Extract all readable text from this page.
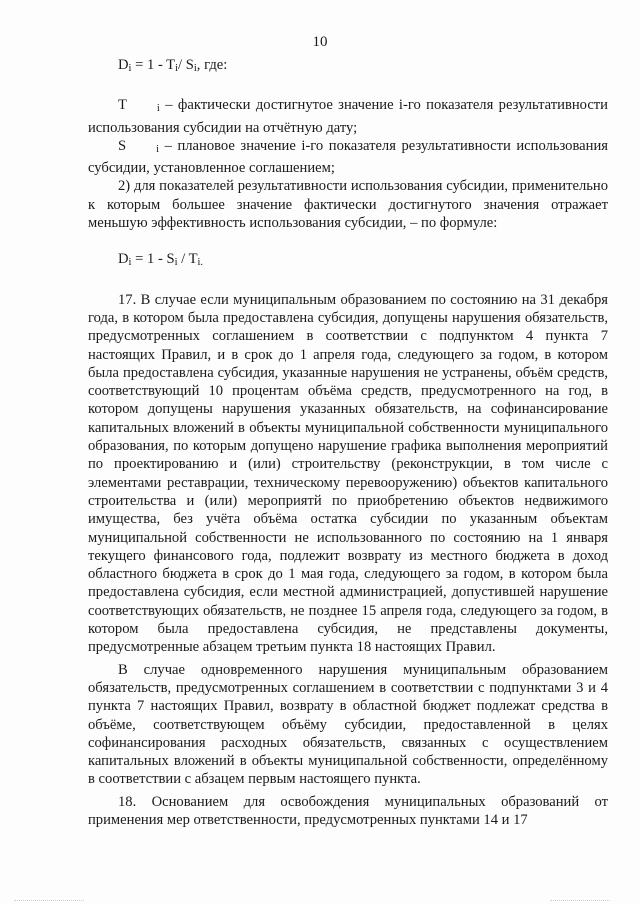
10

Di = 1 - Ti/ Si, где:

T	i – фактически достигнутое значение i-го показателя результативности использования субсидии на отчётную дату;

S	i – плановое значение i-го показателя результативности использования субсидии, установленное соглашением;

2) для показателей результативности использования субсидии, применительно к которым большее значение фактически достигнутого значения отражает меньшую эффективность использования субсидии, – по формуле:

Di = 1 - Si / Ti.

17. В случае если муниципальным образованием по состоянию на 31 декабря года, в котором была предоставлена субсидия, допущены нарушения обязательств, предусмотренных соглашением в соответствии с подпунктом 4 пункта 7 настоящих Правил, и в срок до 1 апреля года, следующего за годом, в котором была предоставлена субсидия, указанные нарушения не устранены, объём средств, соответствующий 10 процентам объёма средств, предусмотренного на год, в котором допущены нарушения указанных обязательств, на софинансирование капитальных вложений в объекты муниципальной собственности муниципального образования, по которым допущено нарушение графика выполнения мероприятий по проектированию и (или) строительству (реконструкции, в том числе с элементами реставрации, техническому перевооружению) объектов капитального строительства и (или) мероприятй по приобретению объектов недвижимого имущества, без учёта объёма остатка субсидии по указанным объектам муниципальной собственности не использованного по состоянию на 1 января текущего финансового года, подлежит возврату из местного бюджета в доход областного бюджета в срок до 1 мая года, следующего за годом, в котором была предоставлена субсидия, если местной администрацией, допустившей нарушение соответствующих обязательств, не позднее 15 апреля года, следующего за годом, в котором была предоставлена субсидия, не представлены документы, предусмотренные абзацем третьим пункта 18 настоящих Правил.

В случае одновременного нарушения муниципальным образованием обязательств, предусмотренных соглашением в соответствии с подпунктами 3 и 4 пункта 7 настоящих Правил, возврату в областной бюджет подлежат средства в объёме, соответствующем объёму субсидии, предоставленной в целях софинансирования расходных обязательств, связанных с осуществлением капитальных вложений в объекты муниципальной собственности, определённому в соответствии с абзацем первым настоящего пункта.

18. Основанием для освобождения муниципальных образований от применения мер ответственности, предусмотренных пунктами 14 и 17
